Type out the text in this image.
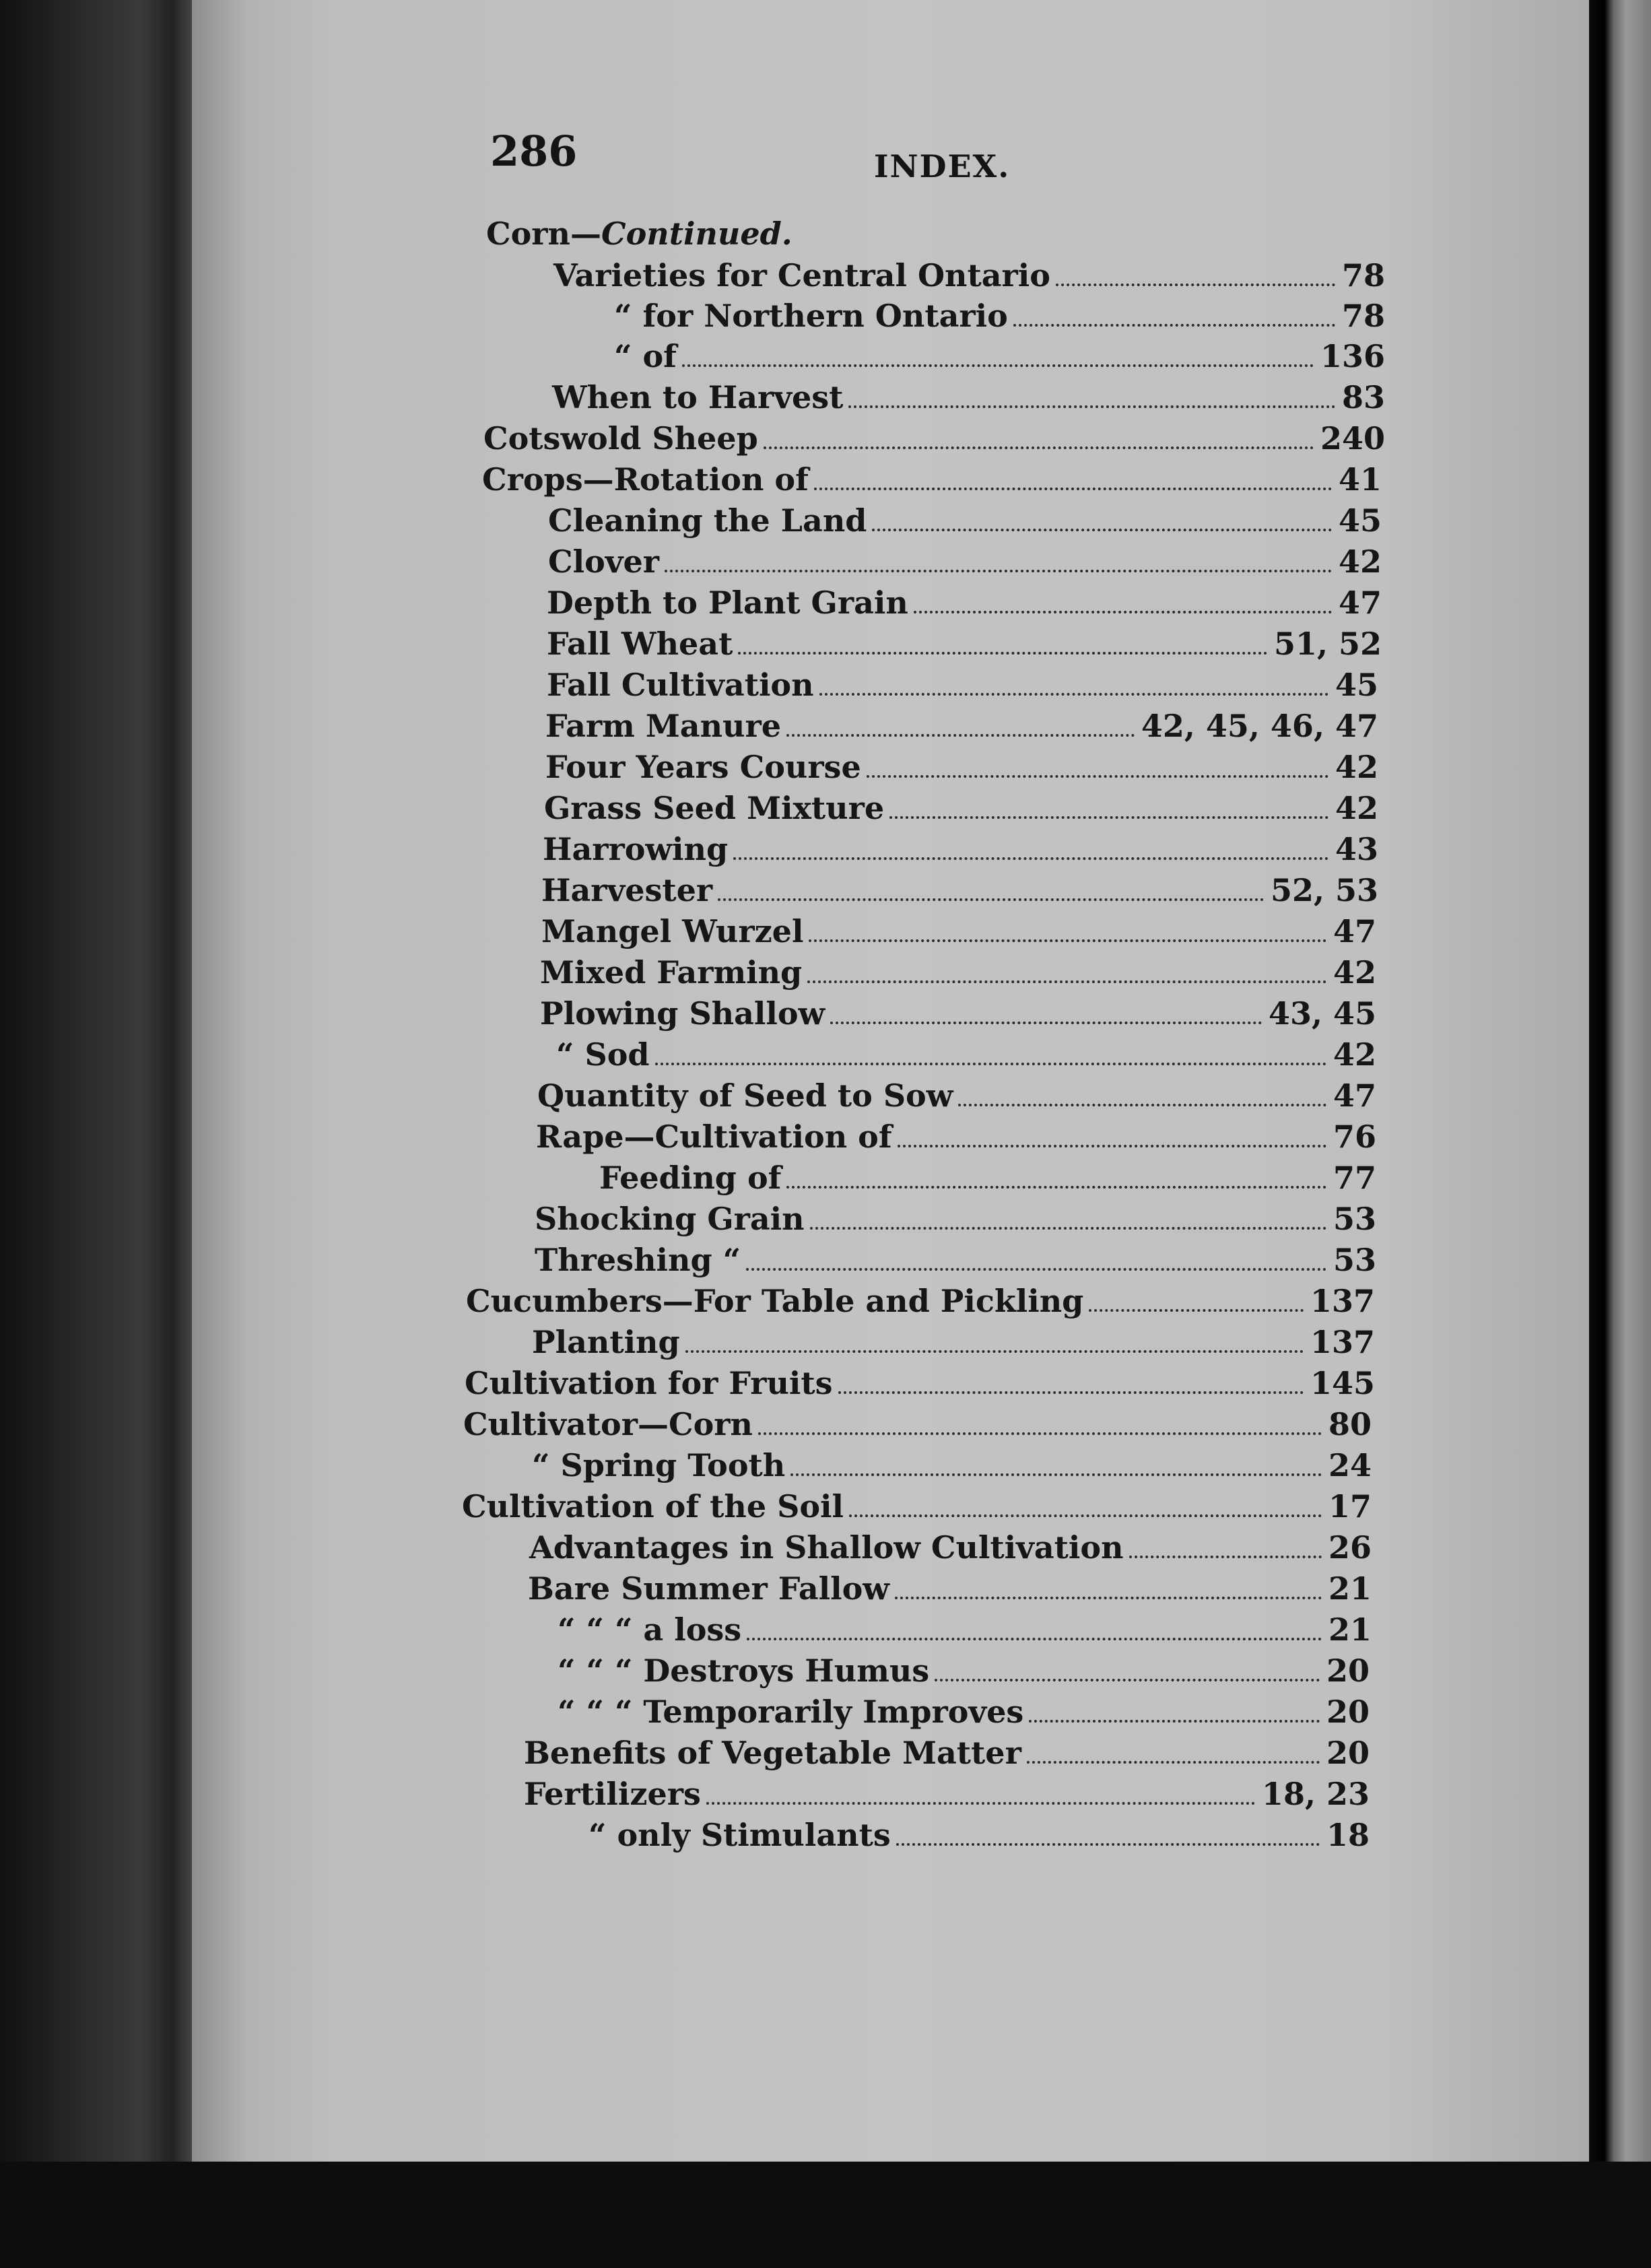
286	INDEX.
Corn— Continued.
Varieties for Central Ontario	78
“ for Northern Ontario	78
“ of	136
When to Harvest	83
Cotswold Sheep	240
Crops—Rotation of	41
Cleaning the Land	45
Clover	42
Depth to Plant Grain	47
Fall Wheat	51, 52
Fall Cultivation	45
Farm Manure	42, 45, 46, 47
Four Years Course	42
Grass Seed Mixture	42
Harrowing	43
Harvester	52, 53
Mangel Wurzel	47
Mixed Farming	42
Plowing Shallow	43, 45
“ Sod	42
Quantity of Seed to Sow	47
Rape—Cultivation of	76
Feeding of	77
Shocking Grain	53
Threshing “	53
Cucumbers—For Table and Pickling	137
Planting	137
Cultivation for Fruits	145
Cultivator—Corn	80
“ Spring Tooth	24
Cultivation of the Soil	17
Advantages in Shallow Cultivation	26
Bare Summer Fallow	21
“ “ “ a loss	21
“ “ “ Destroys Humus	20
“ “ “ Temporarily Improves	20
Benefits of Vegetable Matter	20
Fertilizers	18, 23
“ only Stimulants	18
